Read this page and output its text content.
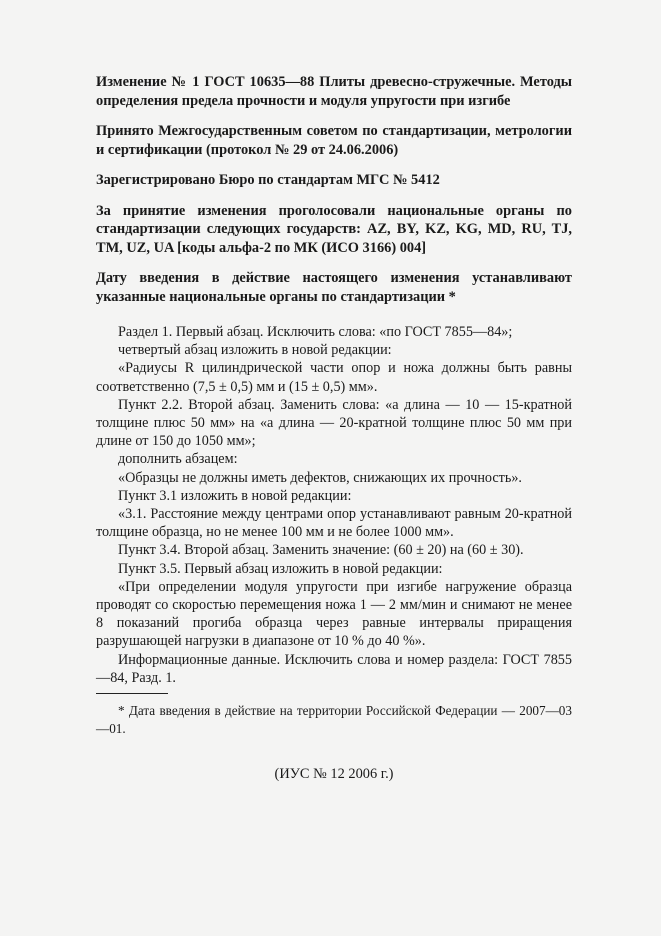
Изменение № 1 ГОСТ 10635—88 Плиты древесно-стружечные. Методы определения предела прочности и модуля упругости при изгибе

Принято Межгосударственным советом по стандартизации, метрологии и сертификации (протокол № 29 от 24.06.2006)

Зарегистрировано Бюро по стандартам МГС № 5412

За принятие изменения проголосовали национальные органы по стандартизации следующих государств: AZ, BY, KZ, KG, MD, RU, TJ, TM, UZ, UA [коды альфа-2 по МК (ИСО 3166) 004]

Дату введения в действие настоящего изменения устанавливают указанные национальные органы по стандартизации *

Раздел 1. Первый абзац. Исключить слова: «по ГОСТ 7855—84»;

четвертый абзац изложить в новой редакции:

«Радиусы R цилиндрической части опор и ножа должны быть равны соответственно (7,5 ± 0,5) мм и (15 ± 0,5) мм».

Пункт 2.2. Второй абзац. Заменить слова: «а длина — 10 — 15-кратной толщине плюс 50 мм» на «а длина — 20-кратной толщине плюс 50 мм при длине от 150 до 1050 мм»;

дополнить абзацем:

«Образцы не должны иметь дефектов, снижающих их прочность».

Пункт 3.1 изложить в новой редакции:

«3.1. Расстояние между центрами опор устанавливают равным 20-кратной толщине образца, но не менее 100 мм и не более 1000 мм».

Пункт 3.4. Второй абзац. Заменить значение: (60 ± 20) на (60 ± 30).

Пункт 3.5. Первый абзац изложить в новой редакции:

«При определении модуля упругости при изгибе нагружение образца проводят со скоростью перемещения ножа 1 — 2 мм/мин и снимают не менее 8 показаний прогиба образца через равные интервалы приращения разрушающей нагрузки в диапазоне от 10 % до 40 %».

Информационные данные. Исключить слова и номер раздела: ГОСТ 7855—84, Разд. 1.

* Дата введения в действие на территории Российской Федерации — 2007—03—01.

(ИУС № 12 2006 г.)
